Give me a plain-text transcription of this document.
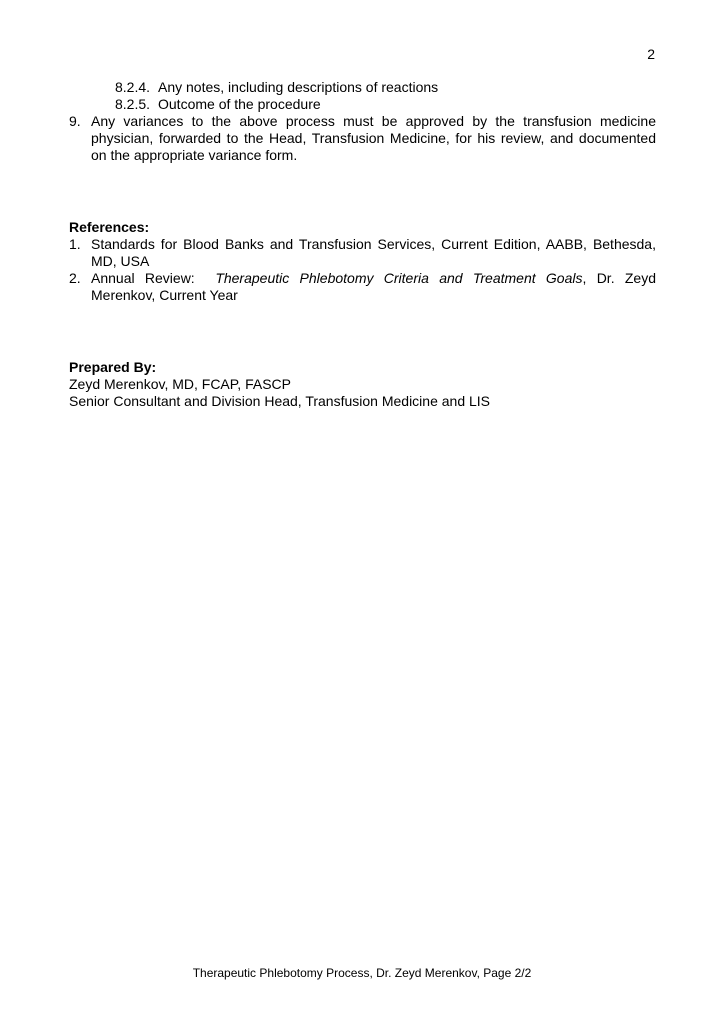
2
8.2.4. Any notes, including descriptions of reactions
8.2.5. Outcome of the procedure
9. Any variances to the above process must be approved by the transfusion medicine physician, forwarded to the Head, Transfusion Medicine, for his review, and documented on the appropriate variance form.
References:
1. Standards for Blood Banks and Transfusion Services, Current Edition, AABB, Bethesda, MD, USA
2. Annual Review:  Therapeutic Phlebotomy Criteria and Treatment Goals, Dr. Zeyd Merenkov, Current Year
Prepared By:
Zeyd Merenkov, MD, FCAP, FASCP
Senior Consultant and Division Head, Transfusion Medicine and LIS
Therapeutic Phlebotomy Process, Dr. Zeyd Merenkov, Page 2/2
